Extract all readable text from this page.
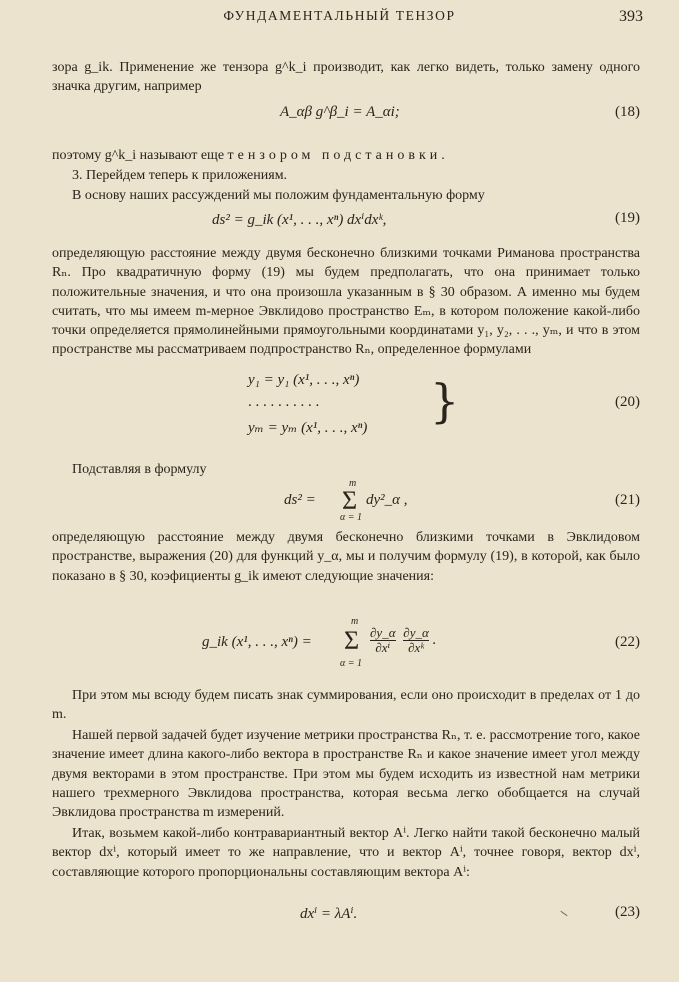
ФУНДАМЕНТАЛЬНЫЙ ТЕНЗОР	393
зора g_ik. Применение же тензора g^k_i производит, как легко видеть, только замену одного значка другим, например
A_αβ g^β_i = A_αi;	(18)
поэтому g^k_i называют еще тензором подстановки.
3. Перейдем теперь к приложениям.
В основу наших рассуждений мы положим фундаментальную форму
ds² = g_ik (x¹, . . ., xⁿ) dxⁱdxᵏ,	(19)
определяющую расстояние между двумя бесконечно близкими точками Риманова пространства Rₙ. Про квадратичную форму (19) мы будем предполагать, что она принимает только положительные значения, и что она произошла указанным в § 30 образом. А именно мы будем считать, что мы имеем m-мерное Эвклидово пространство Eₘ, в котором положение какой-либо точки определяется прямолинейными прямоугольными координатами y₁, y₂, . . ., yₘ, и что в этом пространстве мы рассматриваем подпространство Rₙ, определенное формулами
y₁ = y₁ (x¹, . . ., xⁿ)
. . . . . . . . . .
yₘ = yₘ (x¹, . . ., xⁿ) }	(20)
Подставляя в формулу
ds² =
m
Σ
α = 1
dy²_α ,	(21)
определяющую расстояние между двумя бесконечно близкими точками в Эвклидовом пространстве, выражения (20) для функций y_α, мы и получим формулу (19), в которой, как было показано в § 30, коэфициенты g_ik имеют следующие значения:
g_ik (x¹, . . ., xⁿ) =
m
Σ
α = 1
$\frac{\partial y\_\alpha}{\text{∂xⁱ}}$
$\frac{\partial y\_\alpha}{\text{∂xᵏ}}$ .	(22)
При этом мы всюду будем писать знак суммирования, если оно происходит в пределах от 1 до m.
Нашей первой задачей будет изучение метрики пространства Rₙ, т. е. рассмотрение того, какое значение имеет длина какого-либо вектора в пространстве Rₙ и какое значение имеет угол между двумя векторами в этом пространстве. При этом мы будем исходить из известной нам метрики нашего трехмерного Эвклидова пространства, которая весьма легко обобщается на случай Эвклидова пространства m измерений.
Итак, возьмем какой-либо контравариантный вектор Aⁱ. Легко найти такой бесконечно малый вектор dxⁱ, который имеет то же направление, что и вектор Aⁱ, точнее говоря, вектор dxⁱ, составляющие которого пропорциональны составляющим вектора Aⁱ:
dxⁱ = λAⁱ.	(23)
